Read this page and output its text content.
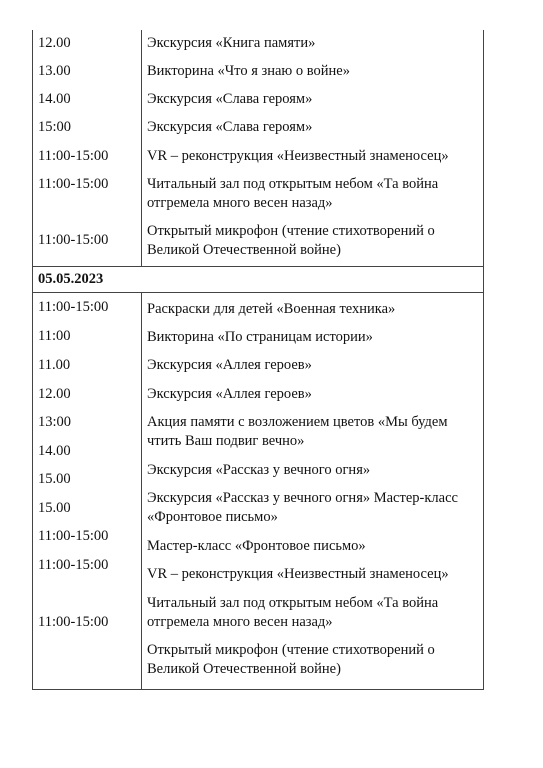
12.00
13.00
14.00
15:00
11:00-15:00
11:00-15:00
11:00-15:00
Экскурсия «Книга памяти»
Викторина «Что я знаю о войне»
Экскурсия «Слава героям»
Экскурсия «Слава героям»
VR – реконструкция «Неизвестный знаменосец»
Читальный зал под открытым небом «Та война
отгремела много весен назад»
Открытый микрофон (чтение стихотворений о
Великой Отечественной войне)
05.05.2023
11:00-15:00
11:00
11.00
12.00
13:00
14.00
15.00
15.00
11:00-15:00
11:00-15:00
11:00-15:00
Раскраски для детей «Военная техника»
Викторина «По страницам истории»
Экскурсия «Аллея героев»
Экскурсия «Аллея героев»
Акция памяти с возложением цветов «Мы будем
чтить Ваш подвиг вечно»
Экскурсия «Рассказ у вечного огня»
Экскурсия «Рассказ у вечного огня» Мастер-класс
«Фронтовое письмо»
Мастер-класс «Фронтовое письмо»
VR – реконструкция «Неизвестный знаменосец»
Читальный зал под открытым небом «Та война
отгремела много весен назад»
Открытый микрофон (чтение стихотворений о
Великой Отечественной войне)
